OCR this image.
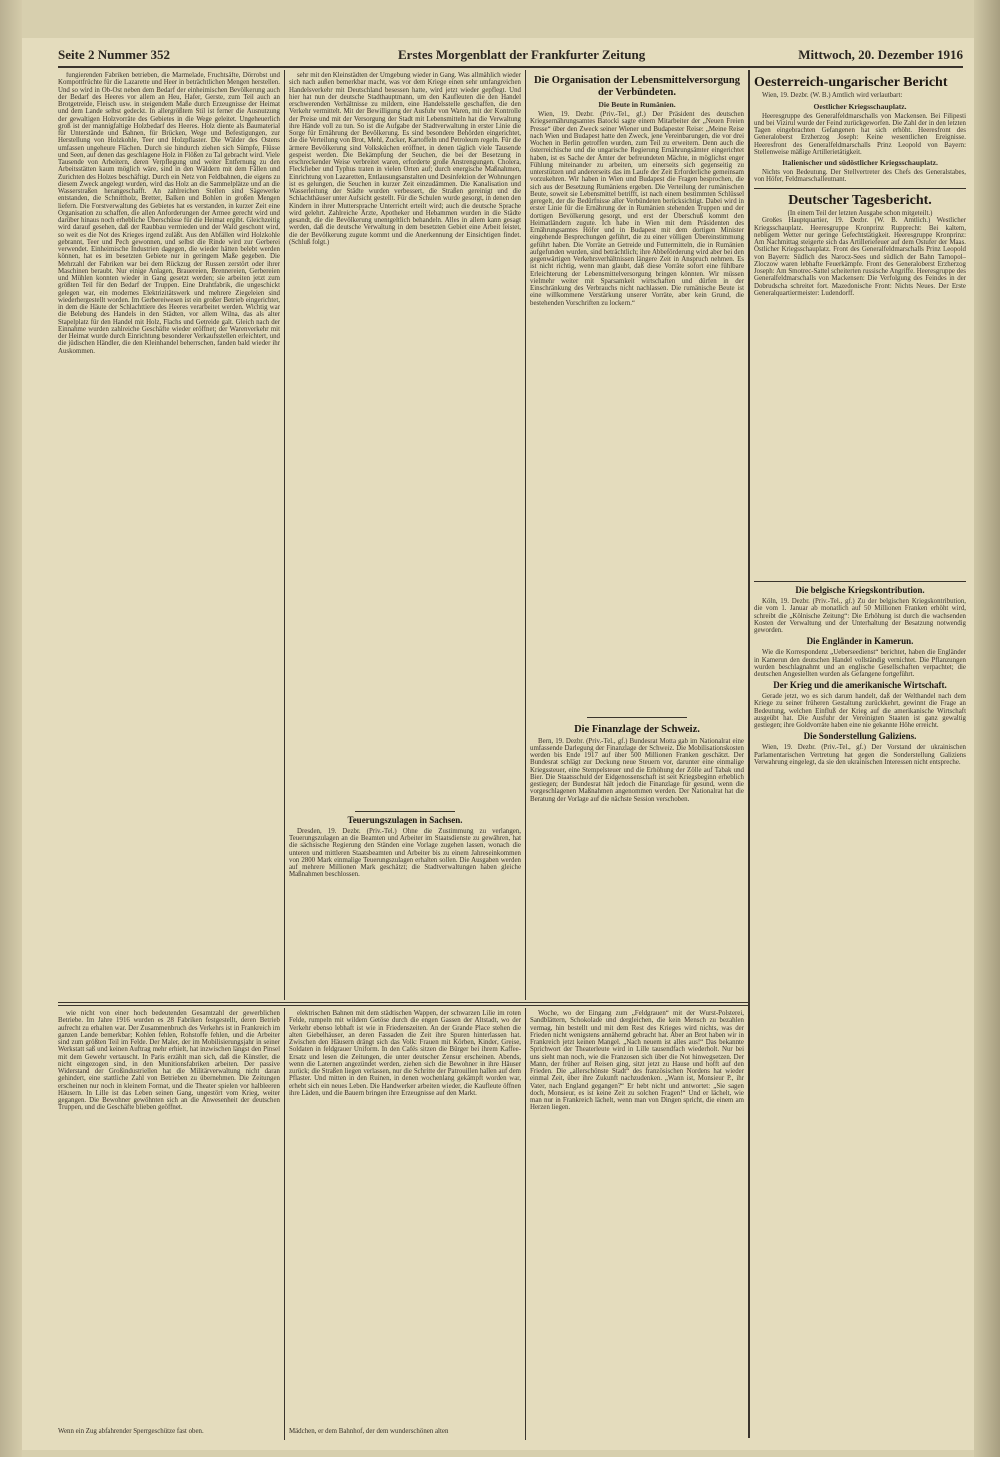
Seite 2 Nummer 352	Erstes Morgenblatt der Frankfurter Zeitung	Mittwoch, 20. Dezember 1916

fungierenden Fabriken betrieben, die Marmelade, Fruchtsäfte, Dörrobst und Kompottfrüchte für die Lazarette und Heer in beträchtlichen Mengen herstellen. Und so wird in Ob-Ost neben dem Bedarf der einheimischen Bevölkerung auch der Bedarf des Heeres vor allem an Heu, Hafer, Gerste, zum Teil auch an Brotgetreide, Fleisch usw. in steigendem Maße durch Erzeugnisse der Heimat und dem Lande selbst gedeckt. In allergrößtem Stil ist ferner die Ausnutzung der gewaltigen Holzvorräte des Gebietes in die Wege geleitet. Ungeheuerlich groß ist der mannigfaltige Holzbedarf des Heeres. Holz diente als Baumaterial für Unterstände und Bahnen, für Brücken, Wege und Befestigungen, zur Herstellung von Holzkohle, Teer und Holzpflaster. Die Wälder des Ostens umfassen ungeheure Flächen. Durch sie hindurch ziehen sich Sümpfe, Flüsse und Seen, auf denen das geschlagene Holz in Flößen zu Tal gebracht wird. Viele Tausende von Arbeitern, deren Verpflegung und weiter Entfernung zu den Arbeitsstätten kaum möglich wäre, sind in den Wäldern mit dem Fällen und Zurichten des Holzes beschäftigt. Durch ein Netz von Feldbahnen, die eigens zu diesem Zweck angelegt wurden, wird das Holz an die Sammelplätze und an die Wasserstraßen herangeschafft. An zahlreichen Stellen sind Sägewerke entstanden, die Schnittholz, Bretter, Balken und Bohlen in großen Mengen liefern. Die Forstverwaltung des Gebietes hat es verstanden, in kurzer Zeit eine Organisation zu schaffen, die allen Anforderungen der Armee gerecht wird und darüber hinaus noch erhebliche Überschüsse für die Heimat ergibt. Gleichzeitig wird darauf gesehen, daß der Raubbau vermieden und der Wald geschont wird, so weit es die Not des Krieges irgend zuläßt. Aus den Abfällen wird Holzkohle gebrannt, Teer und Pech gewonnen, und selbst die Rinde wird zur Gerberei verwendet. Einheimische Industrien dagegen, die wieder hätten belebt werden können, hat es im besetzten Gebiete nur in geringem Maße gegeben. Die Mehrzahl der Fabriken war bei dem Rückzug der Russen zerstört oder ihrer Maschinen beraubt. Nur einige Anlagen, Brauereien, Brennereien, Gerbereien und Mühlen konnten wieder in Gang gesetzt werden; sie arbeiten jetzt zum größten Teil für den Bedarf der Truppen. Eine Drahtfabrik, die ungeschickt gelegen war, ein modernes Elektrizitätswerk und mehrere Ziegeleien sind wiederhergestellt worden. Im Gerbereiwesen ist ein großer Betrieb eingerichtet, in dem die Häute der Schlachttiere des Heeres verarbeitet werden. Wichtig war die Belebung des Handels in den Städten, vor allem Wilna, das als alter Stapelplatz für den Handel mit Holz, Flachs und Getreide galt. Gleich nach der Einnahme wurden zahlreiche Geschäfte wieder eröffnet; der Warenverkehr mit der Heimat wurde durch Einrichtung besonderer Verkaufsstellen erleichtert, und die jüdischen Händler, die den Kleinhandel beherrschen, fanden bald wieder ihr Auskommen.

sehr mit den Kleinstädten der Umgebung wieder in Gang. Was allmählich wieder sich nach außen bemerkbar macht, was vor dem Kriege einen sehr umfangreichen Handelsverkehr mit Deutschland besessen hatte, wird jetzt wieder gepflegt. Und hier hat nun der deutsche Stadthauptmann, um den Kaufleuten die den Handel erschwerenden Verhältnisse zu mildern, eine Handelsstelle geschaffen, die den Verkehr vermittelt. Mit der Bewilligung der Ausfuhr von Waren, mit der Kontrolle der Preise und mit der Versorgung der Stadt mit Lebensmitteln hat die Verwaltung ihre Hände voll zu tun. So ist die Aufgabe der Stadtverwaltung in erster Linie die Sorge für Ernährung der Bevölkerung. Es sind besondere Behörden eingerichtet, die die Verteilung von Brot, Mehl, Zucker, Kartoffeln und Petroleum regeln. Für die ärmere Bevölkerung sind Volksküchen eröffnet, in denen täglich viele Tausende gespeist werden. Die Bekämpfung der Seuchen, die bei der Besetzung in erschreckender Weise verbreitet waren, erforderte große Anstrengungen. Cholera, Fleckfieber und Typhus traten in vielen Orten auf; durch energische Maßnahmen, Einrichtung von Lazaretten, Entlausungsanstalten und Desinfektion der Wohnungen ist es gelungen, die Seuchen in kurzer Zeit einzudämmen. Die Kanalisation und Wasserleitung der Städte wurden verbessert, die Straßen gereinigt und die Schlachthäuser unter Aufsicht gestellt. Für die Schulen wurde gesorgt, in denen den Kindern in ihrer Muttersprache Unterricht erteilt wird; auch die deutsche Sprache wird gelehrt. Zahlreiche Ärzte, Apotheker und Hebammen wurden in die Städte gesandt, die die Bevölkerung unentgeltlich behandeln. Alles in allem kann gesagt werden, daß die deutsche Verwaltung in dem besetzten Gebiet eine Arbeit leistet, die der Bevölkerung zugute kommt und die Anerkennung der Einsichtigen findet. (Schluß folgt.)

Teuerungszulagen in Sachsen.

Dresden, 19. Dezbr. (Priv.-Tel.) Ohne die Zustimmung zu verlangen, Teuerungszulagen an die Beamten und Arbeiter im Staatsdienste zu gewähren, hat die sächsische Regierung den Ständen eine Vorlage zugehen lassen, wonach die unteren und mittleren Staatsbeamten und Arbeiter bis zu einem Jahreseinkommen von 2800 Mark einmalige Teuerungszulagen erhalten sollen. Die Ausgaben werden auf mehrere Millionen Mark geschätzt; die Stadtverwaltungen haben gleiche Maßnahmen beschlossen.

Die Organisation der Lebensmittelversorgung der Verbündeten.
Die Beute in Rumänien.

Wien, 19. Dezbr. (Priv.-Tel., gf.) Der Präsident des deutschen Kriegsernährungsamtes Batocki sagte einem Mitarbeiter der „Neuen Freien Presse“ über den Zweck seiner Wiener und Budapester Reise: „Meine Reise nach Wien und Budapest hatte den Zweck, jene Vereinbarungen, die vor drei Wochen in Berlin getroffen wurden, zum Teil zu erweitern. Denn auch die österreichische und die ungarische Regierung Ernährungsämter eingerichtet haben, ist es Sache der Ämter der befreundeten Mächte, in möglichst enger Fühlung miteinander zu arbeiten, um einerseits sich gegenseitig zu unterstützen und andererseits das im Laufe der Zeit Erforderliche gemeinsam vorzukehren. Wir haben in Wien und Budapest die Fragen besprochen, die sich aus der Besetzung Rumäniens ergeben. Die Verteilung der rumänischen Beute, soweit sie Lebensmittel betrifft, ist nach einem bestimmten Schlüssel geregelt, der die Bedürfnisse aller Verbündeten berücksichtigt. Dabei wird in erster Linie für die Ernährung der in Rumänien stehenden Truppen und der dortigen Bevölkerung gesorgt, und erst der Überschuß kommt den Heimatländern zugute. Ich habe in Wien mit dem Präsidenten des Ernährungsamtes Höfer und in Budapest mit dem dortigen Minister eingehende Besprechungen geführt, die zu einer völligen Übereinstimmung geführt haben. Die Vorräte an Getreide und Futtermitteln, die in Rumänien aufgefunden wurden, sind beträchtlich; ihre Abbeförderung wird aber bei den gegenwärtigen Verkehrsverhältnissen längere Zeit in Anspruch nehmen. Es ist nicht richtig, wenn man glaubt, daß diese Vorräte sofort eine fühlbare Erleichterung der Lebensmittelversorgung bringen könnten. Wir müssen vielmehr weiter mit Sparsamkeit wirtschaften und dürfen in der Einschränkung des Verbrauchs nicht nachlassen. Die rumänische Beute ist eine willkommene Verstärkung unserer Vorräte, aber kein Grund, die bestehenden Vorschriften zu lockern.“

Die Finanzlage der Schweiz.

Bern, 19. Dezbr. (Priv.-Tel., gf.) Bundesrat Motta gab im Nationalrat eine umfassende Darlegung der Finanzlage der Schweiz. Die Mobilisationskosten werden bis Ende 1917 auf über 500 Millionen Franken geschätzt. Der Bundesrat schlägt zur Deckung neue Steuern vor, darunter eine einmalige Kriegssteuer, eine Stempelsteuer und die Erhöhung der Zölle auf Tabak und Bier. Die Staatsschuld der Eidgenossenschaft ist seit Kriegsbeginn erheblich gestiegen; der Bundesrat hält jedoch die Finanzlage für gesund, wenn die vorgeschlagenen Maßnahmen angenommen werden. Der Nationalrat hat die Beratung der Vorlage auf die nächste Session verschoben.

Oesterreich-ungarischer Bericht

Wien, 19. Dezbr. (W. B.) Amtlich wird verlautbart:

Oestlicher Kriegsschauplatz.

Heeresgruppe des Generalfeldmarschalls von Mackensen. Bei Filipesti und bei Vizirul wurde der Feind zurückgeworfen. Die Zahl der in den letzten Tagen eingebrachten Gefangenen hat sich erhöht. Heeresfront des Generaloberst Erzherzog Joseph: Keine wesentlichen Ereignisse. Heeresfront des Generalfeldmarschalls Prinz Leopold von Bayern: Stellenweise mäßige Artillerietätigkeit.

Italienischer und südöstlicher Kriegsschauplatz.

Nichts von Bedeutung. Der Stellvertreter des Chefs des Generalstabes, von Höfer, Feldmarschalleutnant.

Deutscher Tagesbericht.

(In einem Teil der letzten Ausgabe schon mitgeteilt.)

Großes Hauptquartier, 19. Dezbr. (W. B. Amtlich.) Westlicher Kriegsschauplatz. Heeresgruppe Kronprinz Rupprecht: Bei kaltem, nebligem Wetter nur geringe Gefechtstätigkeit. Heeresgruppe Kronprinz: Am Nachmittag steigerte sich das Artilleriefeuer auf dem Ostufer der Maas. Östlicher Kriegsschauplatz. Front des Generalfeldmarschalls Prinz Leopold von Bayern: Südlich des Narocz-Sees und südlich der Bahn Tarnopol–Zloczow waren lebhafte Feuerkämpfe. Front des Generaloberst Erzherzog Joseph: Am Smotrec-Sattel scheiterten russische Angriffe. Heeresgruppe des Generalfeldmarschalls von Mackensen: Die Verfolgung des Feindes in der Dobrudscha schreitet fort. Mazedonische Front: Nichts Neues. Der Erste Generalquartiermeister: Ludendorff.

Die belgische Kriegskontribution.

Köln, 19. Dezbr. (Priv.-Tel., gf.) Zu der belgischen Kriegskontribution, die vom 1. Januar ab monatlich auf 50 Millionen Franken erhöht wird, schreibt die „Kölnische Zeitung“: Die Erhöhung ist durch die wachsenden Kosten der Verwaltung und der Unterhaltung der Besatzung notwendig geworden.

Die Engländer in Kamerun.

Wie die Korrespondenz „Ueberseedienst“ berichtet, haben die Engländer in Kamerun den deutschen Handel vollständig vernichtet. Die Pflanzungen wurden beschlagnahmt und an englische Gesellschaften verpachtet; die deutschen Angestellten wurden als Gefangene fortgeführt.

Der Krieg und die amerikanische Wirtschaft.

Gerade jetzt, wo es sich darum handelt, daß der Welthandel nach dem Kriege zu seiner früheren Gestaltung zurückkehrt, gewinnt die Frage an Bedeutung, welchen Einfluß der Krieg auf die amerikanische Wirtschaft ausgeübt hat. Die Ausfuhr der Vereinigten Staaten ist ganz gewaltig gestiegen; ihre Goldvorräte haben eine nie gekannte Höhe erreicht.

Die Sonderstellung Galiziens.

Wien, 19. Dezbr. (Priv.-Tel., gf.) Der Vorstand der ukrainischen Parlamentarischen Vertretung hat gegen die Sonderstellung Galiziens Verwahrung eingelegt, da sie den ukrainischen Interessen nicht entspreche.

wie nicht von einer hoch bedeutenden Gesamtzahl der gewerblichen Betriebe. Im Jahre 1916 wurden es 28 Fabriken festgestellt, deren Betrieb aufrecht zu erhalten war. Der Zusammenbruch des Verkehrs ist in Frankreich im ganzen Lande bemerkbar; Kohlen fehlen, Rohstoffe fehlen, und die Arbeiter sind zum größten Teil im Felde. Der Maler, der im Mobilisierungsjahr in seiner Werkstatt saß und keinen Auftrag mehr erhielt, hat inzwischen längst den Pinsel mit dem Gewehr vertauscht. In Paris erzählt man sich, daß die Künstler, die nicht eingezogen sind, in den Munitionsfabriken arbeiten. Der passive Widerstand der Großindustriellen hat die Militärverwaltung nicht daran gehindert, eine stattliche Zahl von Betrieben zu übernehmen. Die Zeitungen erscheinen nur noch in kleinem Format, und die Theater spielen vor halbleeren Häusern. In Lille ist das Leben seinen Gang, ungestört vom Krieg, weiter gegangen. Die Bewohner gewöhnten sich an die Anwesenheit der deutschen Truppen, und die Geschäfte blieben geöffnet.

Wenn ein Zug abfahrender Sperrgeschütze fast oben.

elektrischen Bahnen mit dem städtischen Wappen, der schwarzen Lilie im roten Felde, rumpeln mit wildem Getöse durch die engen Gassen der Altstadt, wo der Verkehr ebenso lebhaft ist wie in Friedenszeiten. An der Grande Place stehen die alten Giebelhäuser, an deren Fassaden die Zeit ihre Spuren hinterlassen hat. Zwischen den Häusern drängt sich das Volk: Frauen mit Körben, Kinder, Greise, Soldaten in feldgrauer Uniform. In den Cafés sitzen die Bürger bei ihrem Kaffee-Ersatz und lesen die Zeitungen, die unter deutscher Zensur erscheinen. Abends, wenn die Laternen angezündet werden, ziehen sich die Bewohner in ihre Häuser zurück; die Straßen liegen verlassen, nur die Schritte der Patrouillen hallen auf dem Pflaster. Und mitten in den Ruinen, in denen wochenlang gekämpft worden war, erhebt sich ein neues Leben. Die Handwerker arbeiten wieder, die Kaufleute öffnen ihre Läden, und die Bauern bringen ihre Erzeugnisse auf den Markt.

Mädchen, er dem Bahnhof, der dem wunderschönen alten

Woche, wo der Eingang zum „Feldgrauen“ mit der Wurst-Polsterei, Sandblättern, Schokolade und dergleichen, die kein Mensch zu bezahlen vermag, hin bestellt und mit dem Rest des Krieges wird nichts, was der Frieden nicht wenigstens annähernd gebracht hat. Aber an Brot haben wir in Frankreich jetzt keinen Mangel. „Nach neuem ist alles aus!“ Das bekannte Sprichwort der Theaterleute wird in Lille tausendfach wiederholt. Nur bei uns sieht man noch, wie die Franzosen sich über die Not hinwegsetzen. Der Mann, der früher auf Reisen ging, sitzt jetzt zu Hause und hofft auf den Frieden. Die „allerschönste Stadt“ des französischen Nordens hat wieder einmal Zeit, über ihre Zukunft nachzudenken. „Wann ist, Monsieur P., ihr Vater, nach England gegangen?“ Er hebt nicht und antwortet: „Sie sagen doch, Monsieur, es ist keine Zeit zu solchen Fragen!“ Und er lächelt, wie man nur in Frankreich lächelt, wenn man von Dingen spricht, die einem am Herzen liegen.
